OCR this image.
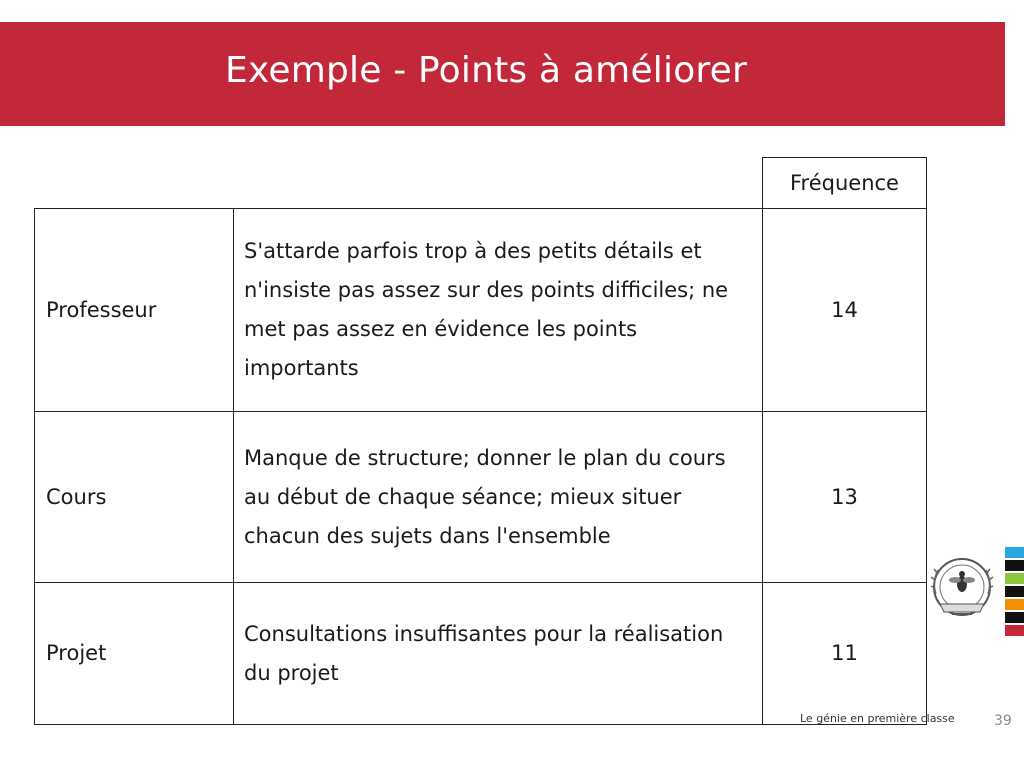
Exemple - Points à améliorer
		Fréquence
Professeur	S'attarde parfois trop à des petits détails et n'insiste pas assez sur des points difficiles; ne met pas assez en évidence les points importants	14
Cours	Manque de structure; donner le plan du cours au début de chaque séance; mieux situer chacun des sujets dans l'ensemble	13
Projet	Consultations insuffisantes pour la réalisation du projet	11
Le génie en première classe	39
